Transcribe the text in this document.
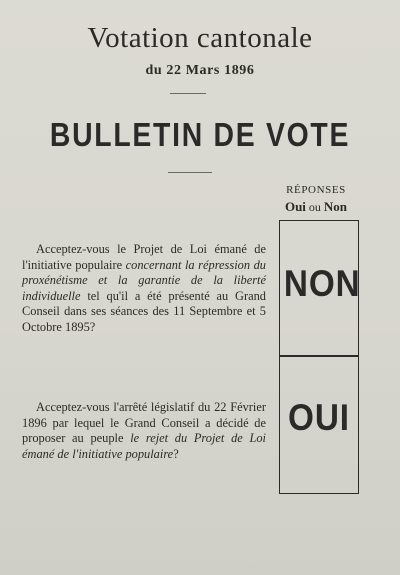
Votation cantonale
du 22 Mars 1896
BULLETIN DE VOTE
RÉPONSES
Oui ou Non
NON
OUI
Acceptez-vous le Projet de Loi émané de l'initiative populaire concernant la répression du proxénétisme et la garantie de la liberté individuelle tel qu'il a été présenté au Grand Conseil dans ses séances des 11 Septembre et 5 Octobre 1895?
Acceptez-vous l'arrêté législatif du 22 Février 1896 par lequel le Grand Conseil a décidé de proposer au peuple le rejet du Projet de Loi émané de l'initiative populaire?
